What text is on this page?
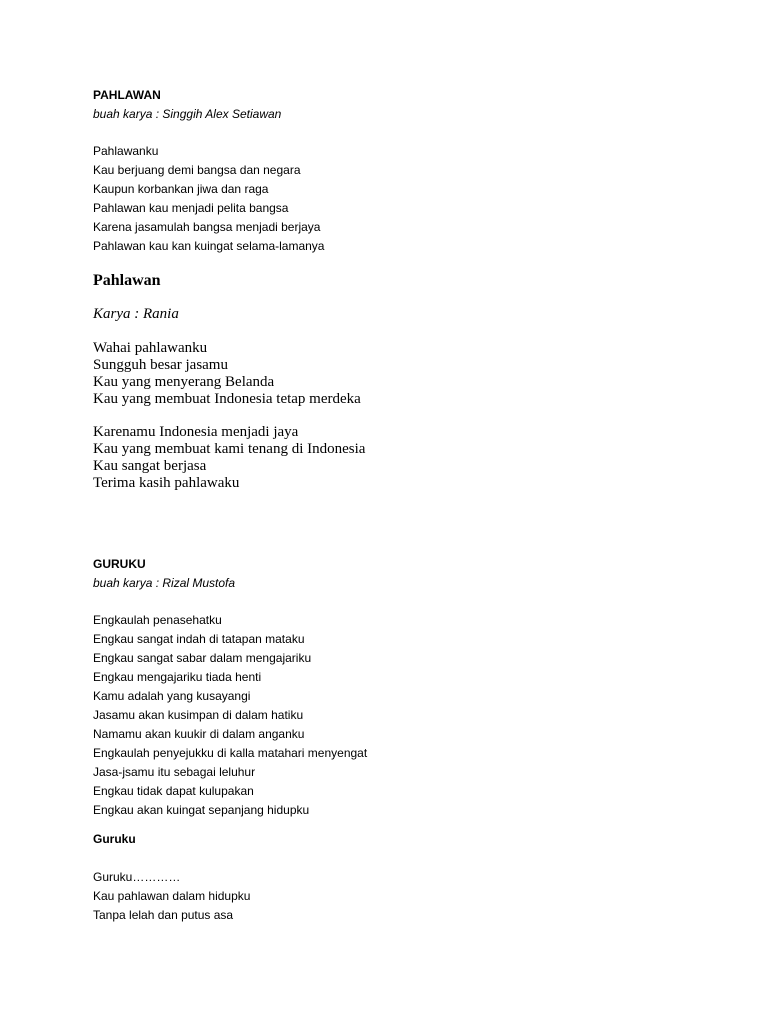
PAHLAWAN
buah karya : Singgih Alex Setiawan
Pahlawanku
Kau berjuang demi bangsa dan negara
Kaupun korbankan jiwa dan raga
Pahlawan kau menjadi pelita bangsa
Karena jasamulah bangsa menjadi berjaya
Pahlawan kau kan kuingat selama-lamanya
Pahlawan
Karya : Rania
Wahai pahlawanku
Sungguh besar jasamu
Kau yang menyerang Belanda
Kau yang membuat Indonesia tetap merdeka
Karenamu Indonesia menjadi jaya
Kau yang membuat kami tenang di Indonesia
Kau sangat berjasa
Terima kasih pahlawaku
GURUKU
buah karya : Rizal Mustofa
Engkaulah penasehatku
Engkau sangat indah di tatapan mataku
Engkau sangat sabar dalam mengajariku
Engkau mengajariku tiada henti
Kamu adalah yang kusayangi
Jasamu akan kusimpan di dalam hatiku
Namamu akan kuukir di dalam anganku
Engkaulah penyejukku di kalla matahari menyengat
Jasa-jsamu itu sebagai leluhur
Engkau tidak dapat kulupakan
Engkau akan kuingat sepanjang hidupku
Guruku
Guruku…………
Kau pahlawan dalam hidupku
Tanpa lelah dan putus asa
